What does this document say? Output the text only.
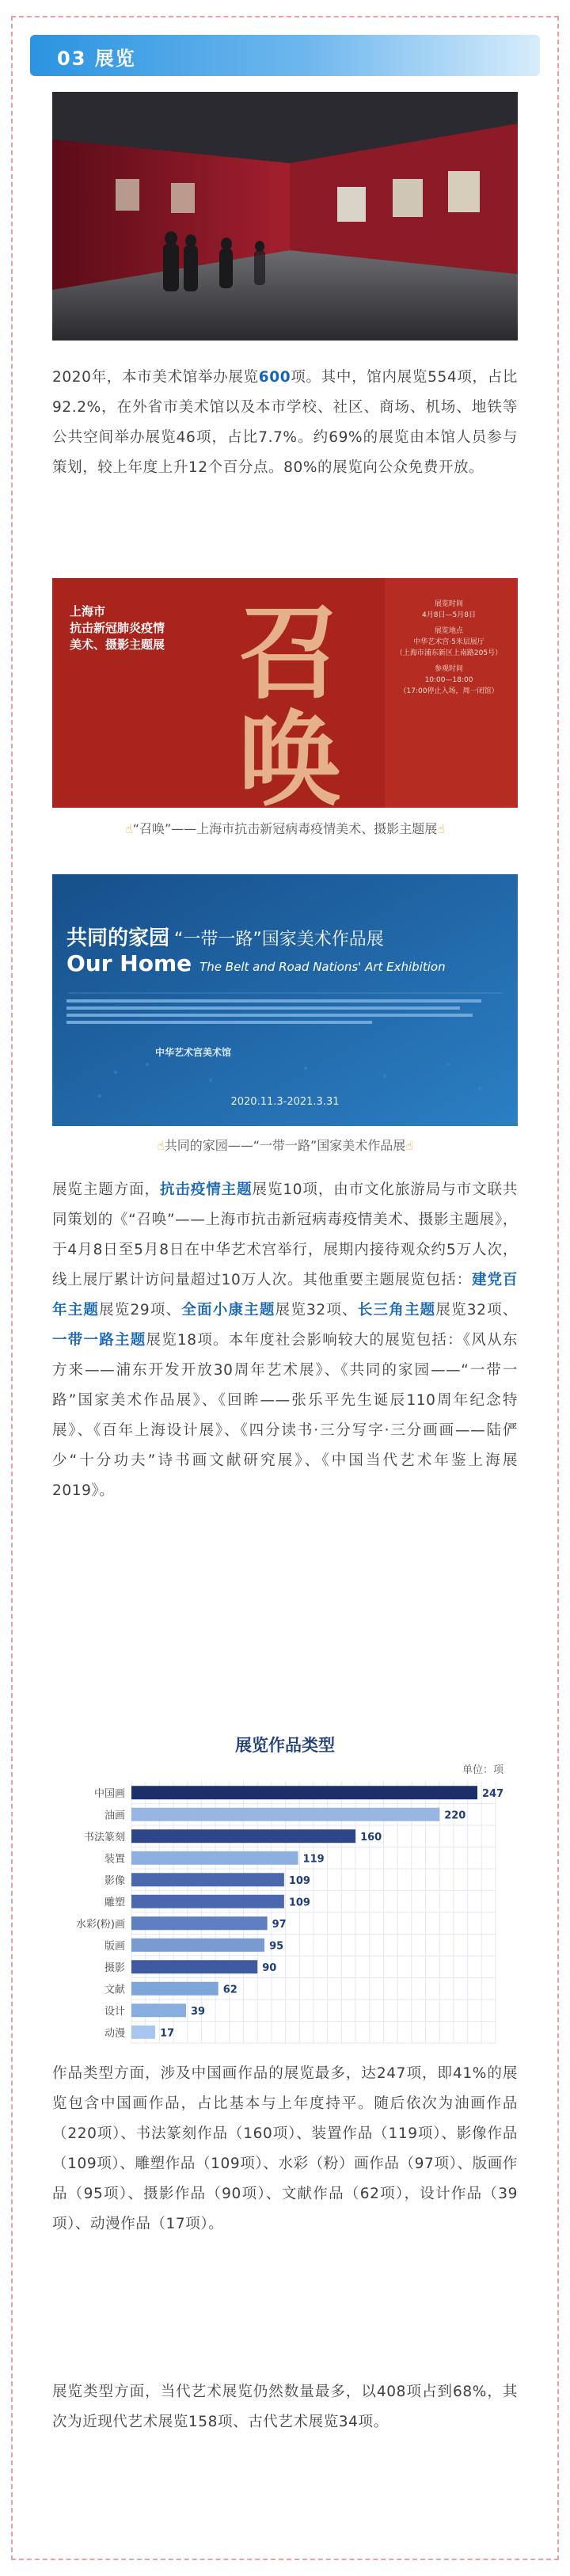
03 展览
2020年，本市美术馆举办展览600项。其中，馆内展览554项，占比92.2%，在外省市美术馆以及本市学校、社区、商场、机场、地铁等公共空间举办展览46项，占比7.7%。约69%的展览由本馆人员参与策划，较上年度上升12个百分点。80%的展览向公众免费开放。
召
唤
上海市
抗击新冠肺炎疫情
美术、摄影主题展
展览时间
4月8日—5月8日
展览地点
中华艺术宫·5米层展厅
（上海市浦东新区上南路205号）
参观时间
10:00—18:00
（17:00停止入场，周一闭馆）
☝“召唤”——上海市抗击新冠病毒疫情美术、摄影主题展☝
共同的家园 “一带一路”国家美术作品展
Our Home The Belt and Road Nations' Art Exhibition
中华艺术宫美术馆
2020.11.3-2021.3.31
☝共同的家园——“一带一路”国家美术作品展☝
展览主题方面，抗击疫情主题展览10项，由市文化旅游局与市文联共同策划的《“召唤”——上海市抗击新冠病毒疫情美术、摄影主题展》，于4月8日至5月8日在中华艺术宫举行，展期内接待观众约5万人次，线上展厅累计访问量超过10万人次。其他重要主题展览包括：建党百年主题展览29项、全面小康主题展览32项、长三角主题展览32项、一带一路主题展览18项。本年度社会影响较大的展览包括：《风从东方来——浦东开发开放30周年艺术展》、《共同的家园——“一带一路”国家美术作品展》、《回眸——张乐平先生诞辰110周年纪念特展》、《百年上海设计展》、《四分读书·三分写字·三分画画——陆俨少“十分功夫”诗书画文献研究展》、《中国当代艺术年鉴上海展2019》。
展览作品类型
单位：项
中国画	247
油画	220
书法篆刻	160
装置	119
影像	109
雕塑	109
水彩(粉)画	97
版画	95
摄影	90
文献	62
设计	39
动漫	17
作品类型方面，涉及中国画作品的展览最多，达247项，即41%的展览包含中国画作品，占比基本与上年度持平。随后依次为油画作品（220项）、书法篆刻作品（160项）、装置作品（119项）、影像作品（109项）、雕塑作品（109项）、水彩（粉）画作品（97项）、版画作品（95项）、摄影作品（90项）、文献作品（62项），设计作品（39项）、动漫作品（17项）。
展览类型方面，当代艺术展览仍然数量最多，以408项占到68%，其次为近现代艺术展览158项、古代艺术展览34项。
